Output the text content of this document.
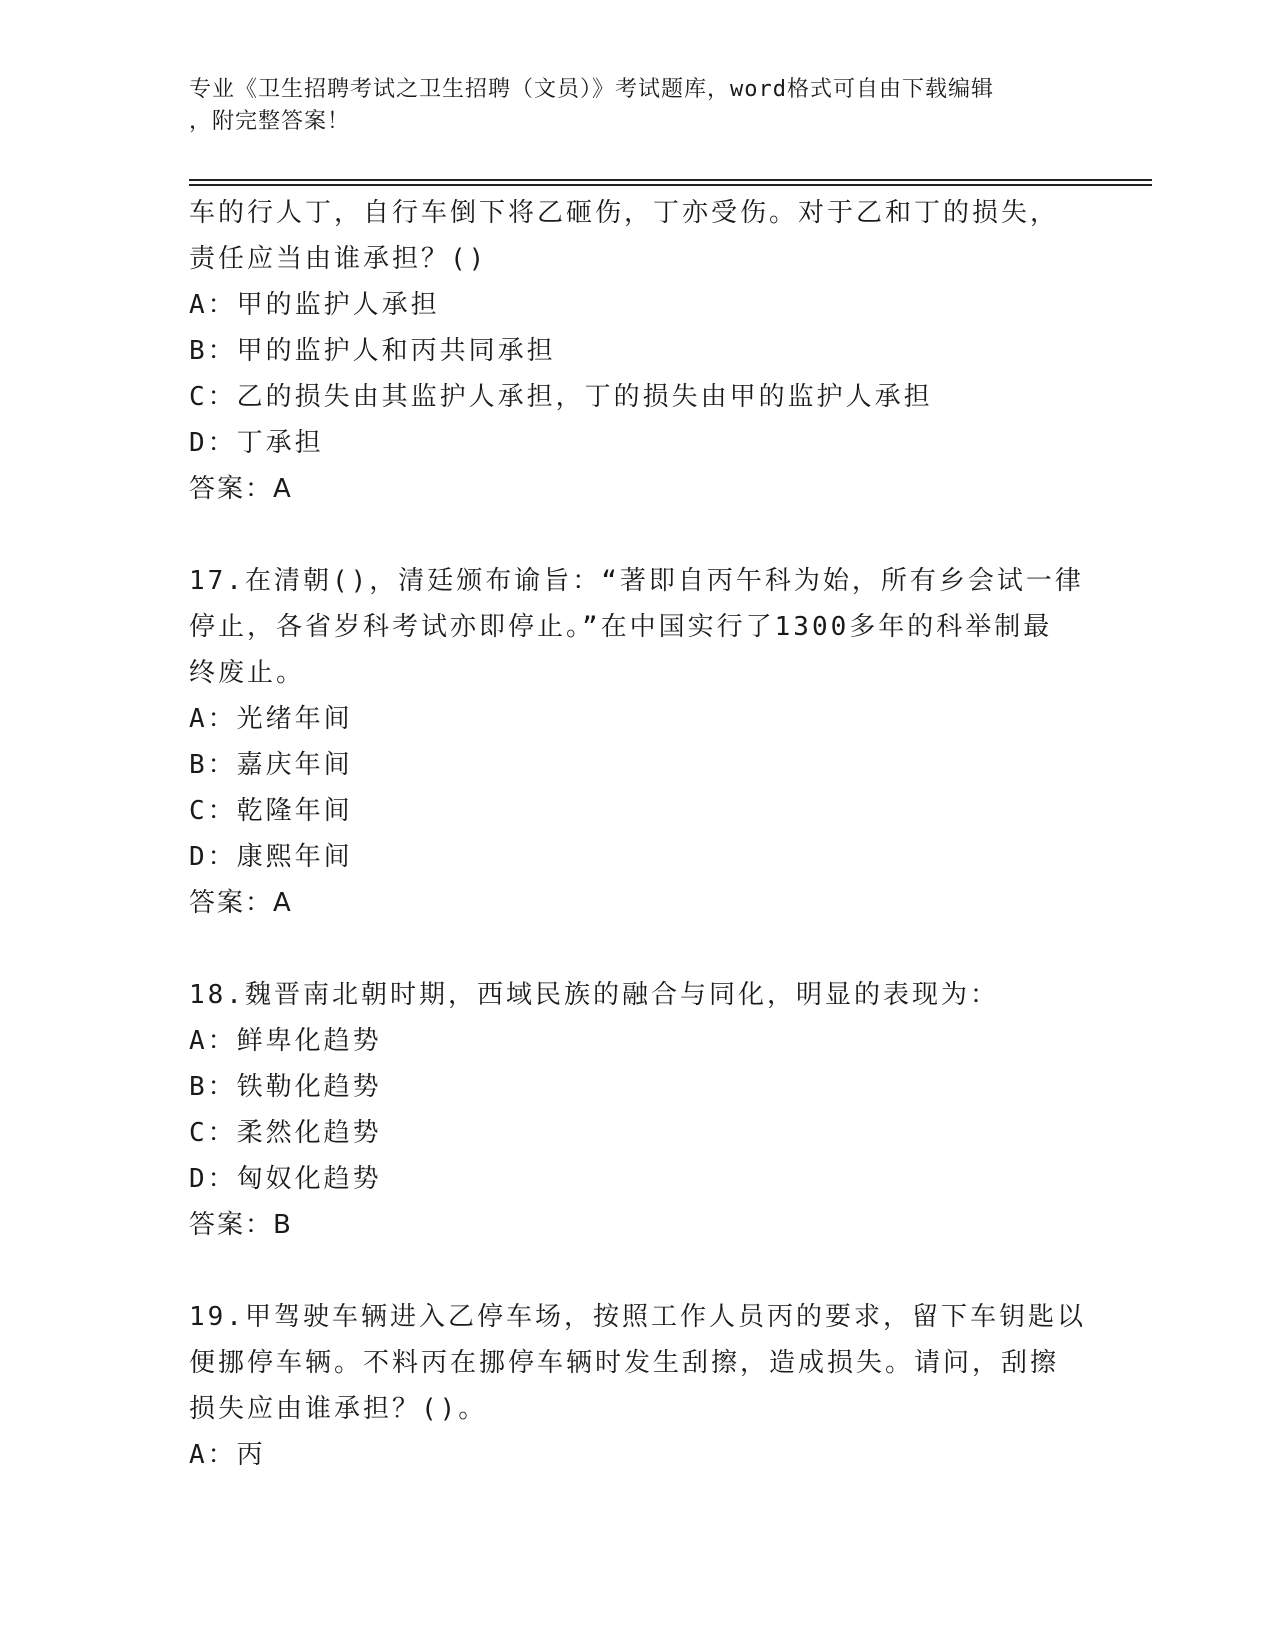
专业《卫生招聘考试之卫生招聘（文员）》考试题库，word格式可自由下载编辑
，附完整答案！
车的行人丁，自行车倒下将乙砸伤，丁亦受伤。对于乙和丁的损失，
责任应当由谁承担？()
A：甲的监护人承担
B：甲的监护人和丙共同承担
C：乙的损失由其监护人承担，丁的损失由甲的监护人承担
D：丁承担
答案：A
17.在清朝()，清廷颁布谕旨：“著即自丙午科为始，所有乡会试一律
停止，各省岁科考试亦即停止。”在中国实行了1300多年的科举制最
终废止。
A：光绪年间
B：嘉庆年间
C：乾隆年间
D：康熙年间
答案：A
18.魏晋南北朝时期，西域民族的融合与同化，明显的表现为：
A：鲜卑化趋势
B：铁勒化趋势
C：柔然化趋势
D：匈奴化趋势
答案：B
19.甲驾驶车辆进入乙停车场，按照工作人员丙的要求，留下车钥匙以
便挪停车辆。不料丙在挪停车辆时发生刮擦，造成损失。请问，刮擦
损失应由谁承担？()。
A：丙
